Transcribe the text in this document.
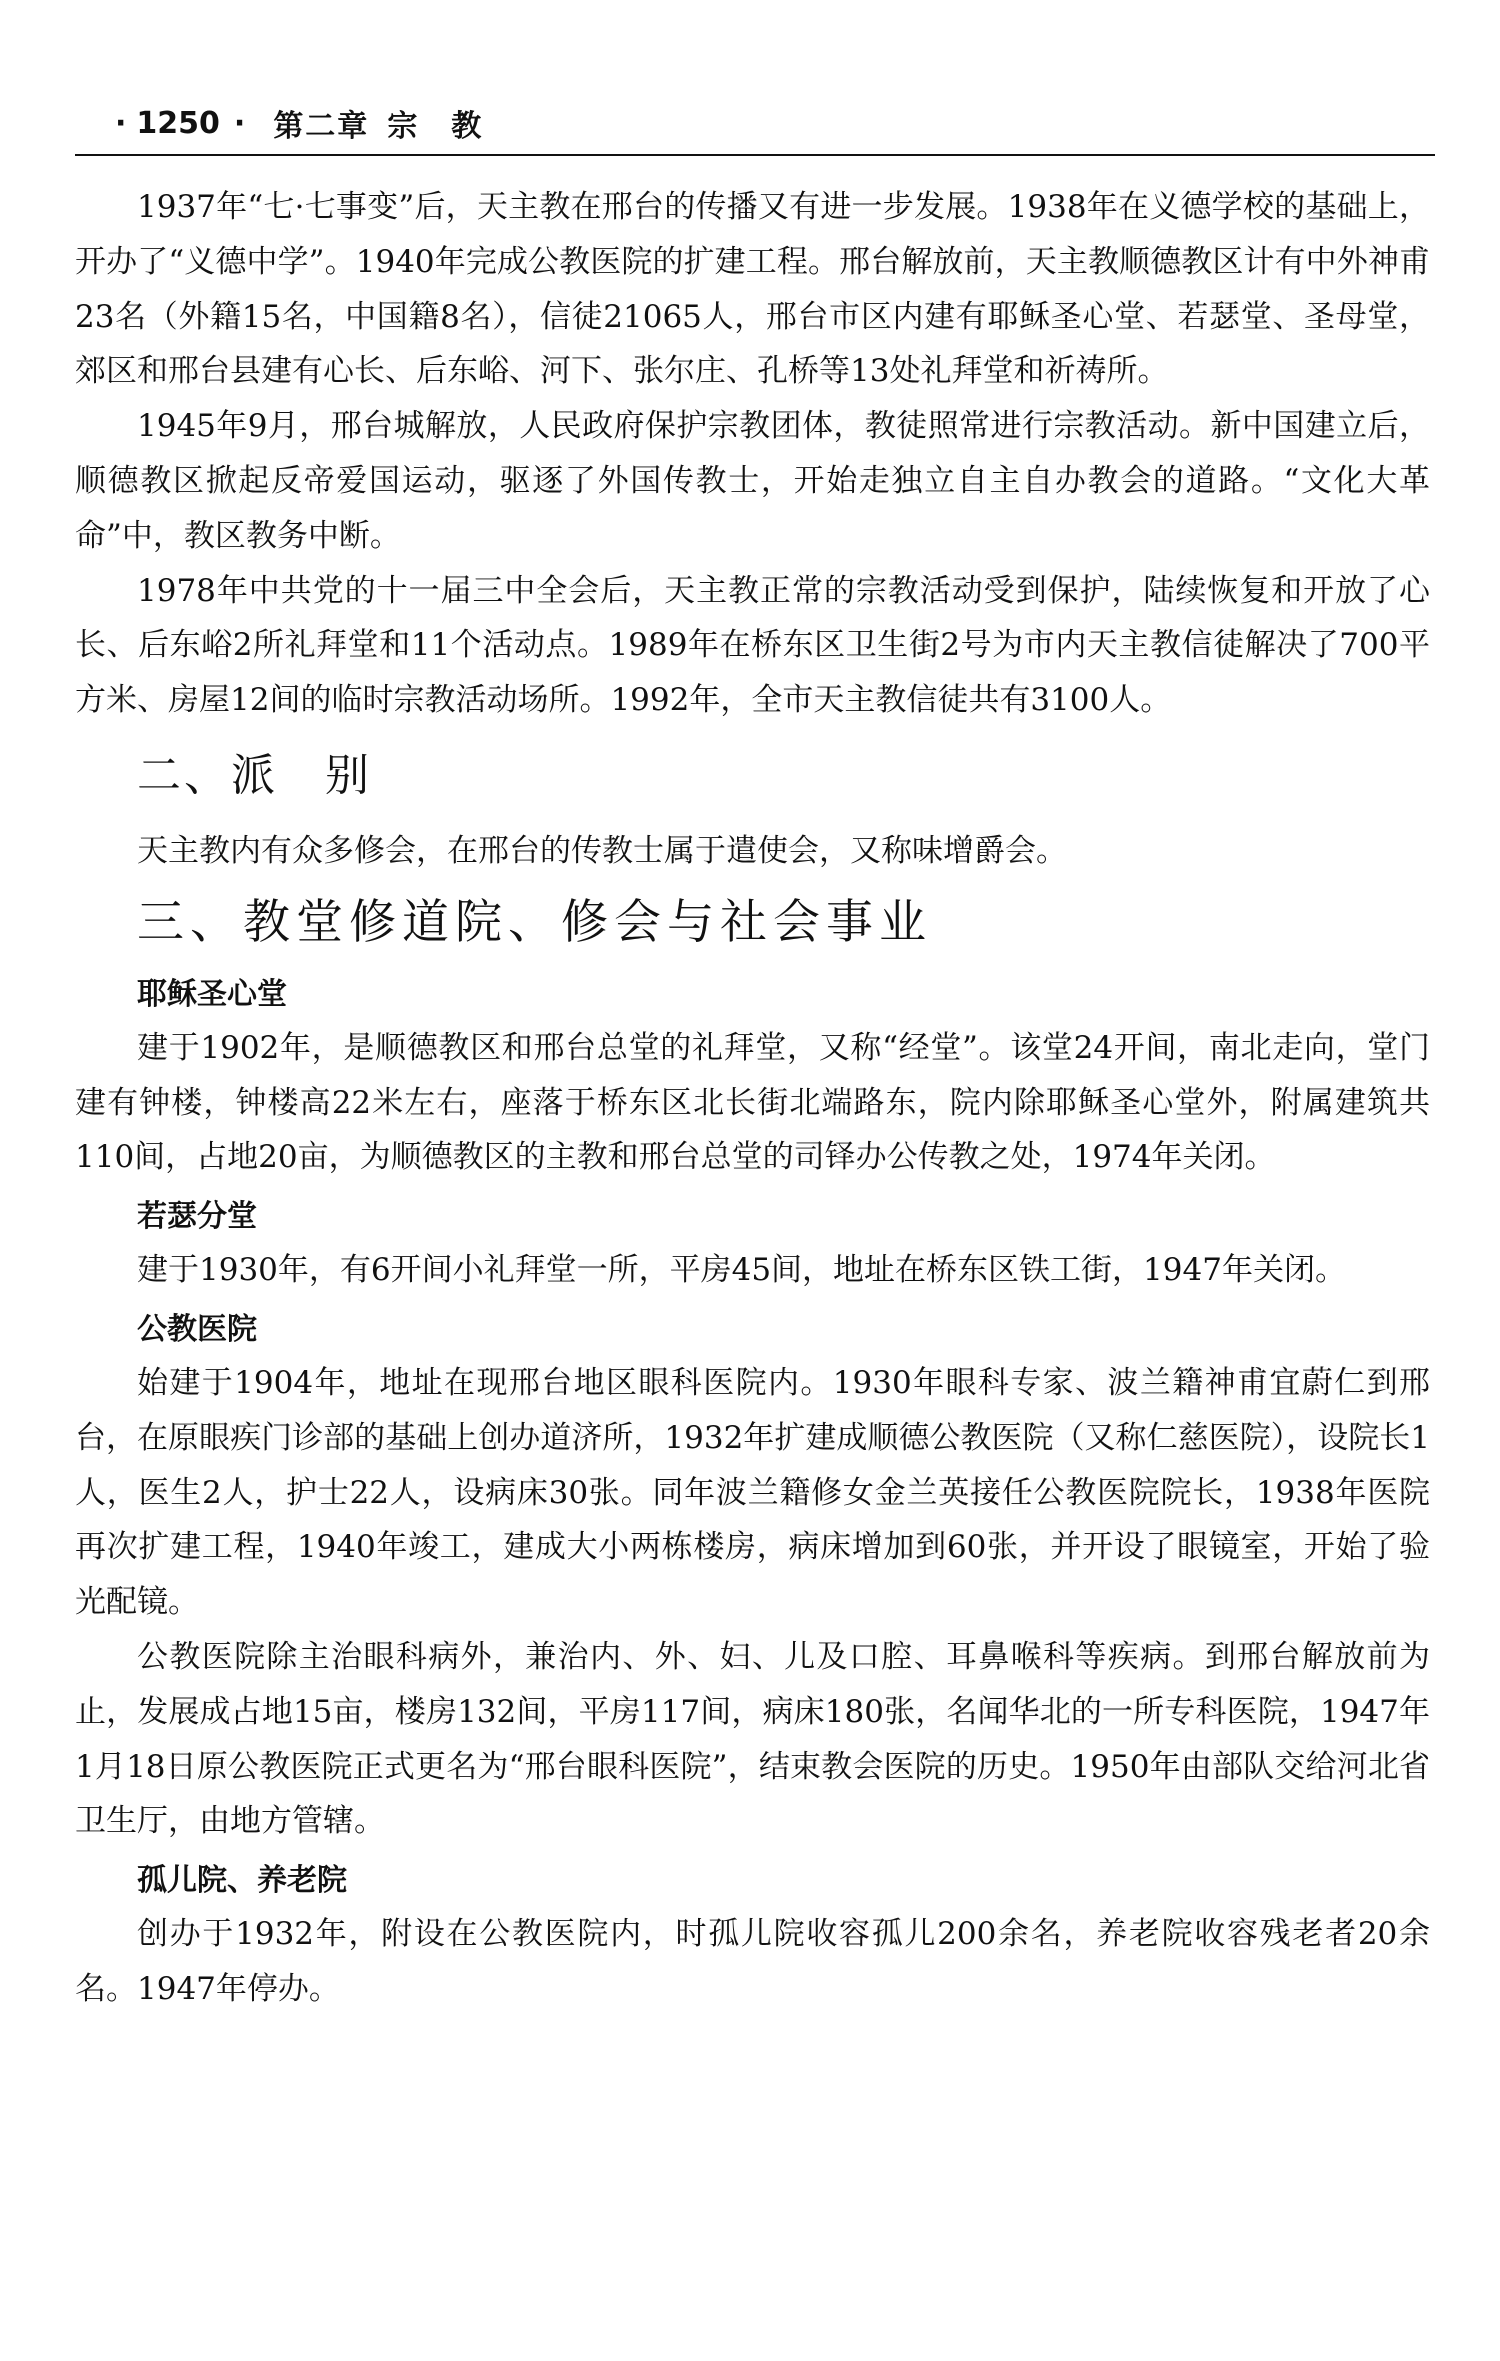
· 1250 · 第二章 宗　教

1937年“七·七事变”后，天主教在邢台的传播又有进一步发展。1938年在义德学校的基础上，开办了“义德中学”。1940年完成公教医院的扩建工程。邢台解放前，天主教顺德教区计有中外神甫23名（外籍15名，中国籍8名），信徒21065人，邢台市区内建有耶稣圣心堂、若瑟堂、圣母堂，郊区和邢台县建有心长、后东峪、河下、张尔庄、孔桥等13处礼拜堂和祈祷所。

1945年9月，邢台城解放，人民政府保护宗教团体，教徒照常进行宗教活动。新中国建立后，顺德教区掀起反帝爱国运动，驱逐了外国传教士，开始走独立自主自办教会的道路。“文化大革命”中，教区教务中断。

1978年中共党的十一届三中全会后，天主教正常的宗教活动受到保护，陆续恢复和开放了心长、后东峪2所礼拜堂和11个活动点。1989年在桥东区卫生街2号为市内天主教信徒解决了700平方米、房屋12间的临时宗教活动场所。1992年，全市天主教信徒共有3100人。

二、派　别

天主教内有众多修会，在邢台的传教士属于遣使会，又称味增爵会。

三、教堂修道院、修会与社会事业
耶稣圣心堂

建于1902年，是顺德教区和邢台总堂的礼拜堂，又称“经堂”。该堂24开间，南北走向，堂门建有钟楼，钟楼高22米左右，座落于桥东区北长街北端路东，院内除耶稣圣心堂外，附属建筑共110间，占地20亩，为顺德教区的主教和邢台总堂的司铎办公传教之处，1974年关闭。

若瑟分堂

建于1930年，有6开间小礼拜堂一所，平房45间，地址在桥东区铁工街，1947年关闭。

公教医院

始建于1904年，地址在现邢台地区眼科医院内。1930年眼科专家、波兰籍神甫宜蔚仁到邢台，在原眼疾门诊部的基础上创办道济所，1932年扩建成顺德公教医院（又称仁慈医院），设院长1人，医生2人，护士22人，设病床30张。同年波兰籍修女金兰英接任公教医院院长，1938年医院再次扩建工程，1940年竣工，建成大小两栋楼房，病床增加到60张，并开设了眼镜室，开始了验光配镜。

公教医院除主治眼科病外，兼治内、外、妇、儿及口腔、耳鼻喉科等疾病。到邢台解放前为止，发展成占地15亩，楼房132间，平房117间，病床180张，名闻华北的一所专科医院，1947年1月18日原公教医院正式更名为“邢台眼科医院”，结束教会医院的历史。1950年由部队交给河北省卫生厅，由地方管辖。

孤儿院、养老院

创办于1932年，附设在公教医院内，时孤儿院收容孤儿200余名，养老院收容残老者20余名。1947年停办。
